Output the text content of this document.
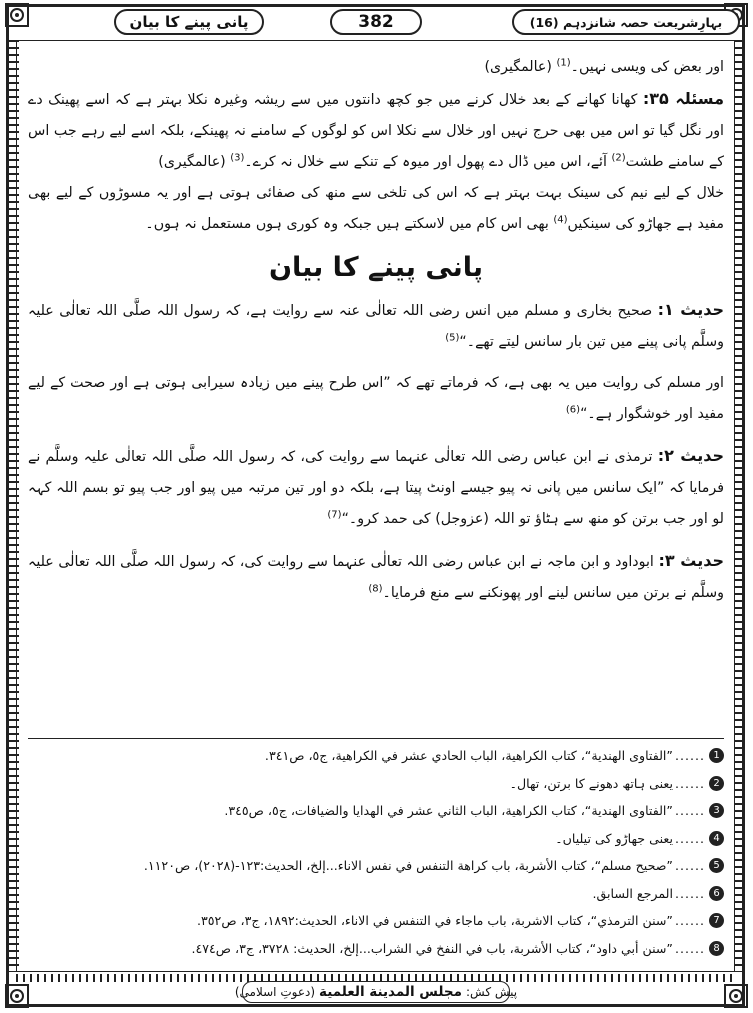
بہارِشریعت حصہ شانزدہم (16)
382
پانی پینے کا بیان

اور بعض کی ویسی نہیں۔$^{(1)}$ (عالمگیری)

مسئلہ ۳۵: کھانا کھانے کے بعد خلال کرنے میں جو کچھ دانتوں میں سے ریشہ وغیرہ نکلا بہتر ہے کہ اسے پھینک دے اور نگل گیا تو اس میں بھی حرج نہیں اور خلال سے نکلا اس کو لوگوں کے سامنے نہ پھینکے، بلکہ اسے لیے رہے جب اس کے سامنے طشت$^{(2)}$ آئے، اس میں ڈال دے پھول اور میوہ کے تنکے سے خلال نہ کرے۔$^{(3)}$ (عالمگیری)

خلال کے لیے نیم کی سینک بہت بہتر ہے کہ اس کی تلخی سے منھ کی صفائی ہوتی ہے اور یہ مسوڑوں کے لیے بھی مفید ہے جھاڑو کی سینکیں$^{(4)}$ بھی اس کام میں لاسکتے ہیں جبکہ وہ کوری ہوں مستعمل نہ ہوں۔

پانی پینے کا بیان

حدیث ۱: صحیح بخاری و مسلم میں انس رضی اللہ تعالٰی عنہ سے روایت ہے، کہ رسول اللہ صلَّی اللہ تعالٰی علیہ وسلَّم پانی پینے میں تین بار سانس لیتے تھے۔“$^{(5)}$

اور مسلم کی روایت میں یہ بھی ہے، کہ فرماتے تھے کہ ”اس طرح پینے میں زیادہ سیرابی ہوتی ہے اور صحت کے لیے مفید اور خوشگوار ہے۔“$^{(6)}$

حدیث ۲: ترمذی نے ابن عباس رضی اللہ تعالٰی عنہما سے روایت کی، کہ رسول اللہ صلَّی اللہ تعالٰی علیہ وسلَّم نے فرمایا کہ ”ایک سانس میں پانی نہ پیو جیسے اونٹ پیتا ہے، بلکہ دو اور تین مرتبہ میں پیو اور جب پیو تو بسم اللہ کہہ لو اور جب برتن کو منھ سے ہٹاؤ تو اللہ (عزوجل) کی حمد کرو۔“$^{(7)}$

حدیث ۳: ابوداود و ابن ماجہ نے ابن عباس رضی اللہ تعالٰی عنہما سے روایت کی، کہ رسول اللہ صلَّی اللہ تعالٰی علیہ وسلَّم نے برتن میں سانس لینے اور پھونکنے سے منع فرمایا۔$^{(8)}$

1
......
”الفتاوی الهندية“، كتاب الكراهية، الباب الحادي عشر في الكراهية، ج٥، ص٣٤١.
2
......
یعنی ہاتھ دھونے کا برتن، تھال۔
3
......
”الفتاوی الهندية“، كتاب الكراهية، الباب الثاني عشر في الهدايا والضيافات، ج٥، ص٣٤٥.
4
......
یعنی جھاڑو کی تیلیاں۔
5
......
”صحيح مسلم“، كتاب الأشربة، باب كراهة التنفس في نفس الاناء...إلخ، الحديث:١٢٣-(٢٠٢٨)، ص١١٢٠.
6
......
المرجع السابق.
7
......
”سنن الترمذي“، كتاب الاشربة، باب ماجاء في التنفس في الاناء، الحديث:١٨٩٢، ج٣، ص٣٥٢.
8
......
”سنن أبي داود“، كتاب الأشربة، باب في النفخ في الشراب...إلخ، الحديث: ٣٧٢٨، ج٣، ص٤٧٤.
پیش کش:
مجلس المدينة العلمية
(دعوتِ اسلامی)
